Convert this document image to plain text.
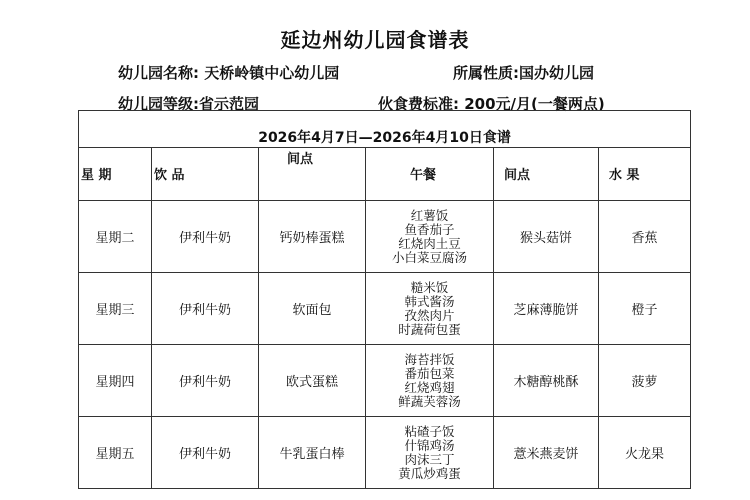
延边州幼儿园食谱表
幼儿园名称: 天桥岭镇中心幼儿园	所属性质:国办幼儿园
幼儿园等级:省示范园	伙食费标准: 200元/月(一餐两点)
2026年4月7日—2026年4月10日食谱					
星 期	饮 品	间点	午餐	间点	水 果
星期二	伊利牛奶	钙奶棒蛋糕	红薯饭
鱼香茄子
红烧肉土豆
小白菜豆腐汤	猴头菇饼	香蕉
星期三	伊利牛奶	软面包	糙米饭
韩式酱汤
孜然肉片
时蔬荷包蛋	芝麻薄脆饼	橙子
星期四	伊利牛奶	欧式蛋糕	海苔拌饭
番茄包菜
红烧鸡翅
鲜蔬芙蓉汤	木糖醇桃酥	菠萝
星期五	伊利牛奶	牛乳蛋白棒	粘碴子饭
什锦鸡汤
肉沫三丁
黄瓜炒鸡蛋	薏米燕麦饼	火龙果
